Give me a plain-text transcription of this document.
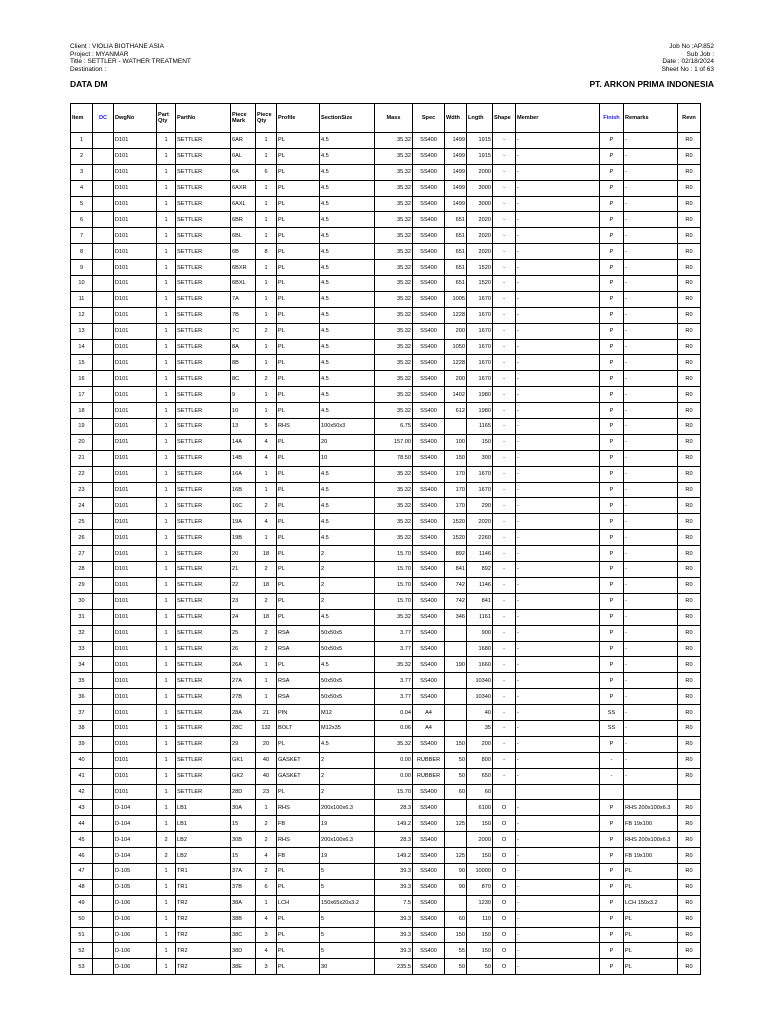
Client : VIOLIA BIOTHANE ASIA
Project : MYANMAR
Title : SETTLER - WATHER TREATMENT
Destination :
Job No :AP.852
Sub Job :
Date : 02/18/2024
Sheet No : 1 of 63
DATA DM	PT. ARKON PRIMA INDONESIA
Item	DC	DwgNo	Part Qty	PartNo	Piece Mark	Piece Qty	Profile	SectionSize	Mass	Spec	Wdth	Lngth	Shape	Member	Finish	Remarks	Revn
1		D101	1	SETTLER	6AR	1	PL	4.5	35.32	SS400	1499	1915	-	-	P	-	R0
2		D101	1	SETTLER	6AL	1	PL	4.5	35.32	SS400	1499	1915	-	-	P	-	R0
3		D101	1	SETTLER	6A	6	PL	4.5	35.32	SS400	1499	2000	-	-	P	-	R0
4		D101	1	SETTLER	6AXR	1	PL	4.5	35.32	SS400	1499	3000	-	-	P	-	R0
5		D101	1	SETTLER	6AXL	1	PL	4.5	35.32	SS400	1499	3000	-	-	P	-	R0
6		D101	1	SETTLER	6BR	1	PL	4.5	35.32	SS400	651	2020	-	-	P	-	R0
7		D101	1	SETTLER	6BL	1	PL	4.5	35.32	SS400	651	2020	-	-	P	-	R0
8		D101	1	SETTLER	6B	8	PL	4.5	35.32	SS400	651	2020	-	-	P	-	R0
9		D101	1	SETTLER	6BXR	1	PL	4.5	35.32	SS400	651	1520	-	-	P	-	R0
10		D101	1	SETTLER	6BXL	1	PL	4.5	35.32	SS400	651	1520	-	-	P	-	R0
11		D101	1	SETTLER	7A	1	PL	4.5	35.32	SS400	1005	1670	-	-	P	-	R0
12		D101	1	SETTLER	7B	1	PL	4.5	35.32	SS400	1228	1670	-	-	P	-	R0
13		D101	1	SETTLER	7C	2	PL	4.5	35.32	SS400	200	1670	-	-	P	-	R0
14		D101	1	SETTLER	8A	1	PL	4.5	35.32	SS400	1050	1670	-	-	P	-	R0
15		D101	1	SETTLER	8B	1	PL	4.5	35.32	SS400	1228	1670	-	-	P	-	R0
16		D101	1	SETTLER	8C	2	PL	4.5	35.32	SS400	200	1670	-	-	P	-	R0
17		D101	1	SETTLER	9	1	PL	4.5	35.32	SS400	1402	1980	-	-	P	-	R0
18		D101	1	SETTLER	10	1	PL	4.5	35.32	SS400	612	1980	-	-	P	-	R0
19		D101	1	SETTLER	13	5	RHS	100x50x3	6.75	SS400		1165	-	-	P	-	R0
20		D101	1	SETTLER	14A	4	PL	20	157.00	SS400	100	150	-	-	P	-	R0
21		D101	1	SETTLER	14B	4	PL	10	78.50	SS400	150	300	-	-	P	-	R0
22		D101	1	SETTLER	16A	1	PL	4.5	35.32	SS400	170	1670	-	-	P	-	R0
23		D101	1	SETTLER	16B	1	PL	4.5	35.32	SS400	170	1670	-	-	P	-	R0
24		D101	1	SETTLER	16C	2	PL	4.5	35.32	SS400	170	290	-	-	P	-	R0
25		D101	1	SETTLER	19A	4	PL	4.5	35.32	SS400	1520	2020	-	-	P	-	R0
26		D101	1	SETTLER	19B	1	PL	4.5	35.32	SS400	1520	2260	-	-	P	-	R0
27		D101	1	SETTLER	20	18	PL	2	15.70	SS400	892	1146	-	-	P	-	R0
28		D101	1	SETTLER	21	2	PL	2	15.70	SS400	841	892	-	-	P	-	R0
29		D101	1	SETTLER	22	18	PL	2	15.70	SS400	742	1146	-	-	P	-	R0
30		D101	1	SETTLER	23	2	PL	2	15.70	SS400	742	841	-	-	P	-	R0
31		D101	1	SETTLER	24	18	PL	4.5	35.32	SS400	346	1161	-	-	P	-	R0
32		D101	1	SETTLER	25	2	RSA	50x50x5	3.77	SS400		900	-	-	P	-	R0
33		D101	1	SETTLER	26	2	RSA	50x50x5	3.77	SS400		1680	-	-	P	-	R0
34		D101	1	SETTLER	26A	1	PL	4.5	35.32	SS400	190	1660	-	-	P	-	R0
35		D101	1	SETTLER	27A	1	RSA	50x50x5	3.77	SS400		10340	-	-	P	-	R0
36		D101	1	SETTLER	27B	1	RSA	50x50x5	3.77	SS400		10340	-	-	P	-	R0
37		D101	1	SETTLER	28A	21	PIN	M12	0.04	A4		40	-	-	SS	-	R0
38		D101	1	SETTLER	28C	132	BOLT	M12x35	0.06	A4		35	-	-	SS	-	R0
39		D101	1	SETTLER	29	20	PL	4.5	35.32	SS400	150	200	-	-	P	-	R0
40		D101	1	SETTLER	GK1	40	GASKET	2	0.00	RUBBER	50	800	-	-	-	-	R0
41		D101	1	SETTLER	GK2	40	GASKET	2	0.00	RUBBER	50	650	-	-	-	-	R0
42		D101	1	SETTLER	28D	23	PL	2	15.70	SS400	60	60					
43		D-104	1	LB1	30A	1	RHS	200x100x6.3	28.3	SS400		6100	O	-	P	RHS 200x100x6.3	R0
44		D-104	1	LB1	15	2	FB	19	149.2	SS400	125	150	O	-	P	FB 19x100	R0
45		D-104	2	LB2	30B	2	RHS	200x100x6.3	28.3	SS400		2000	O	-	P	RHS 200x100x6.3	R0
46		D-104	2	LB2	15	4	FB	19	149.2	SS400	125	150	O	-	P	FB 19x100	R0
47		D-105	1	TR1	37A	2	PL	5	39.3	SS400	90	10000	O	-	P	PL	R0
48		D-105	1	TR1	37B	6	PL	5	39.3	SS400	90	870	O	-	P	PL	R0
49		D-106	1	TR2	38A	1	LCH	150x65x20x3.2	7.5	SS400		1230	O	-	P	LCH 150x3.2	R0
50		D-106	1	TR2	38B	4	PL	5	39.3	SS400	60	110	O	-	P	PL	R0
51		D-106	1	TR2	38C	3	PL	5	39.3	SS400	150	150	O	-	P	PL	R0
52		D-106	1	TR2	38D	4	PL	5	39.3	SS400	55	150	O	-	P	PL	R0
53		D-106	1	TR2	38E	3	PL	30	235.5	SS400	50	50	O	-	P	PL	R0
